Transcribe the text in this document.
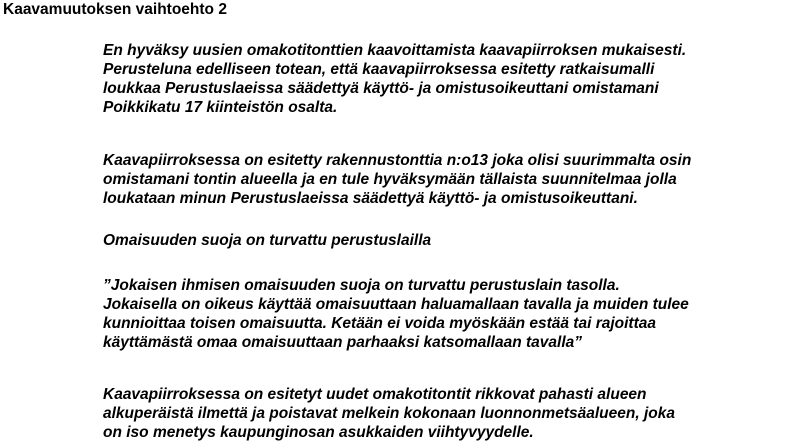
Kaavamuutoksen vaihtoehto 2
En hyväksy uusien omakotitonttien kaavoittamista kaavapiirroksen mukaisesti.
Perusteluna edelliseen totean, että kaavapiirroksessa esitetty ratkaisumalli
loukkaa Perustuslaeissa säädettyä käyttö- ja omistusoikeuttani omistamani
Poikkikatu 17 kiinteistön osalta.
Kaavapiirroksessa on esitetty rakennustonttia n:o13 joka olisi suurimmalta osin
omistamani tontin alueella ja en tule hyväksymään tällaista suunnitelmaa jolla
loukataan minun Perustuslaeissa säädettyä käyttö- ja omistusoikeuttani.
Omaisuuden suoja on turvattu perustuslailla
”Jokaisen ihmisen omaisuuden suoja on turvattu perustuslain tasolla.
Jokaisella on oikeus käyttää omaisuuttaan haluamallaan tavalla ja muiden tulee
kunnioittaa toisen omaisuutta. Ketään ei voida myöskään estää tai rajoittaa
käyttämästä omaa omaisuuttaan parhaaksi katsomallaan tavalla”
Kaavapiirroksessa on esitetyt uudet omakotitontit rikkovat pahasti alueen
alkuperäistä ilmettä ja poistavat melkein kokonaan luonnonmetsäalueen, joka
on iso menetys kaupunginosan asukkaiden viihtyvyydelle.
